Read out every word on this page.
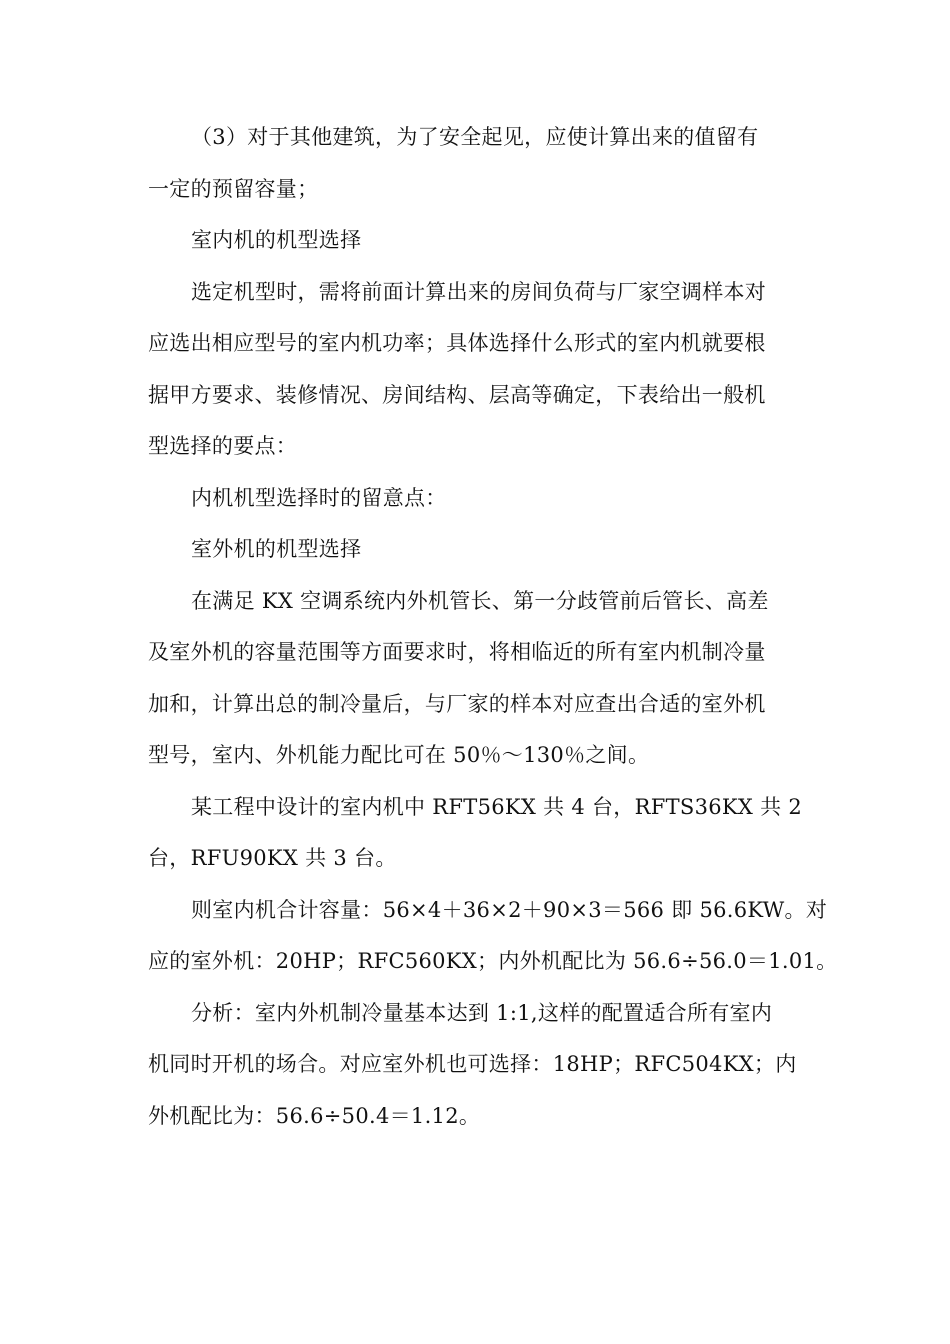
（3）对于其他建筑，为了安全起见，应使计算出来的值留有
一定的预留容量；
室内机的机型选择
选定机型时，需将前面计算出来的房间负荷与厂家空调样本对
应选出相应型号的室内机功率；具体选择什么形式的室内机就要根
据甲方要求、装修情况、房间结构、层高等确定，下表给出一般机
型选择的要点：
内机机型选择时的留意点：
室外机的机型选择
在满足 KX 空调系统内外机管长、第一分歧管前后管长、高差
及室外机的容量范围等方面要求时，将相临近的所有室内机制冷量
加和，计算出总的制冷量后，与厂家的样本对应查出合适的室外机
型号，室内、外机能力配比可在 50％～130％之间。
某工程中设计的室内机中 RFT56KX 共 4 台，RFTS36KX 共 2
台，RFU90KX 共 3 台。
则室内机合计容量：56×4＋36×2＋90×3＝566 即 56.6KW。对
应的室外机：20HP；RFC560KX；内外机配比为 56.6÷56.0＝1.01。
分析：室内外机制冷量基本达到 1:1,这样的配置适合所有室内
机同时开机的场合。对应室外机也可选择：18HP；RFC504KX；内
外机配比为：56.6÷50.4＝1.12。
